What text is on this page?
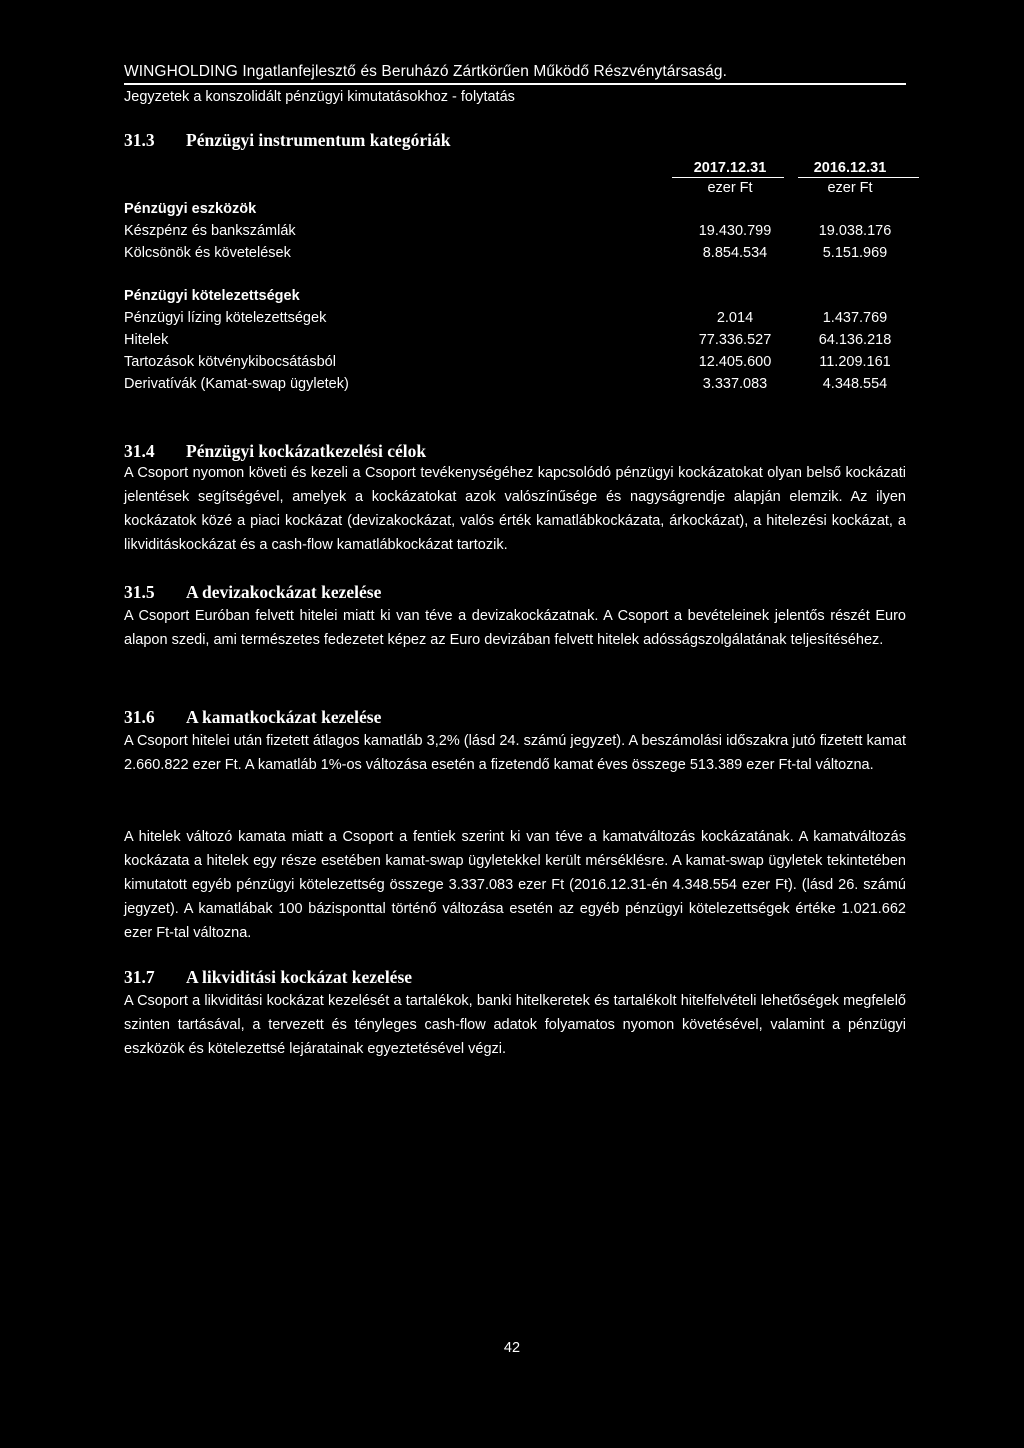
WINGHOLDING Ingatlanfejlesztő és Beruházó Zártkörűen Működő Részvénytársaság.
Jegyzetek a konszolidált pénzügyi kimutatásokhoz - folytatás
31.3 Pénzügyi instrumentum kategóriák
2017.12.31	2016.12.31
ezer Ft	ezer Ft
Pénzügyi eszközök
Készpénz és bankszámlák	19.430.799	19.038.176
Kölcsönök és követelések	8.854.534	5.151.969
Pénzügyi kötelezettségek
Pénzügyi lízing kötelezettségek	2.014	1.437.769
Hitelek	77.336.527	64.136.218
Tartozások kötvénykibocsátásból	12.405.600	11.209.161
Derivatívák (Kamat-swap ügyletek)	3.337.083	4.348.554
31.4 Pénzügyi kockázatkezelési célok
A Csoport nyomon követi és kezeli a Csoport tevékenységéhez kapcsolódó pénzügyi kockázatokat olyan belső kockázati jelentések segítségével, amelyek a kockázatokat azok valószínűsége és nagyságrendje alapján elemzik. Az ilyen kockázatok közé a piaci kockázat (devizakockázat, valós érték kamatlábkockázata, árkockázat), a hitelezési kockázat, a likviditáskockázat és a cash-flow kamatlábkockázat tartozik.
31.5 A devizakockázat kezelése
A Csoport Euróban felvett hitelei miatt ki van téve a devizakockázatnak. A Csoport a bevételeinek jelentős részét Euro alapon szedi, ami természetes fedezetet képez az Euro devizában felvett hitelek adósságszolgálatának teljesítéséhez.
31.6 A kamatkockázat kezelése
A Csoport hitelei után fizetett átlagos kamatláb 3,2% (lásd 24. számú jegyzet). A beszámolási időszakra jutó fizetett kamat 2.660.822 ezer Ft. A kamatláb 1%-os változása esetén a fizetendő kamat éves összege 513.389 ezer Ft-tal változna.
A hitelek változó kamata miatt a Csoport a fentiek szerint ki van téve a kamatváltozás kockázatának. A kamatváltozás kockázata a hitelek egy része esetében kamat-swap ügyletekkel került mérséklésre. A kamat-swap ügyletek tekintetében kimutatott egyéb pénzügyi kötelezettség összege 3.337.083 ezer Ft (2016.12.31-én 4.348.554 ezer Ft). (lásd 26. számú jegyzet). A kamatlábak 100 bázisponttal történő változása esetén az egyéb pénzügyi kötelezettségek értéke 1.021.662 ezer Ft-tal változna.
31.7 A likviditási kockázat kezelése
A Csoport a likviditási kockázat kezelését a tartalékok, banki hitelkeretek és tartalékolt hitelfelvételi lehetőségek megfelelő szinten tartásával, a tervezett és tényleges cash-flow adatok folyamatos nyomon követésével, valamint a pénzügyi eszközök és kötelezettsé lejáratainak egyeztetésével végzi.
42
